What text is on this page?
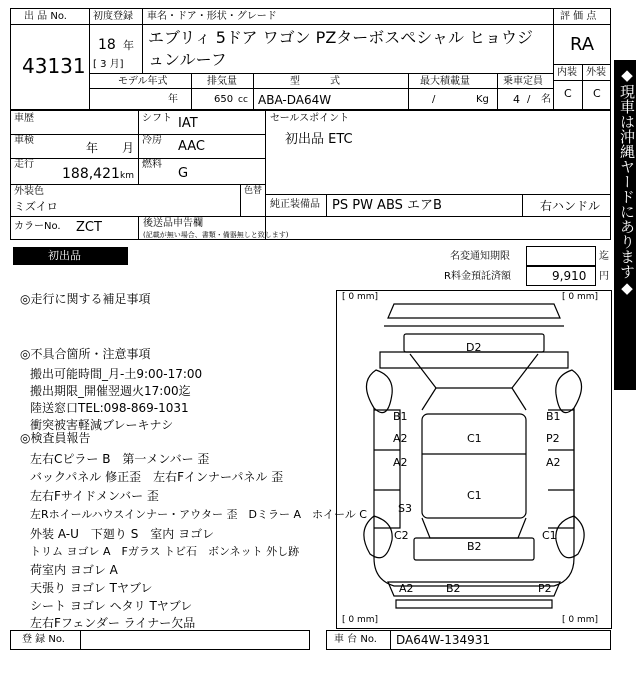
出 品 No.
43131
初度登録
18 年
[ 3 月]
車名・ドア・形状・グレード
エブリィ 5ドア ワゴン PZターボスペシャル ヒョウジ
ュンルーフ
評 価 点
RA
内装 外装
C C
モデル年式
年
排気量
650 cc
型　　　式
ABA-DA64W
最大積載量
/	Kg
乗車定員
4 / 名
車歴	シフト IAT
車検
年 月
冷房 AAC
走行
188,421 km
燃料
G
外装色
ミズイロ
色替
カラーNo. ZCT	後送品申告欄
(記載が無い場合、書類・備器無しと致します)
セールスポイント
初出品 ETC
純正装備品 PS PW ABS エアB	右ハンドル
初出品	名変通知期限	迄
R料金預託済額	9,910 円
◎走行に関する補足事項
◎不具合箇所・注意事項
搬出可能時間_月-土9:00-17:00
搬出期限_開催翌週火17:00迄
陸送窓口TEL:098-869-1031
衝突被害軽減ブレーキナシ
◎検査員報告
左右Cピラー B　第一メンバー 歪
バックパネル 修正歪　左右Fインナーパネル 歪
左右Fサイドメンバー 歪
左Rホイールハウスインナー・アウター 歪　Dミラー A　ホイール C
外装 A-U　下廻り S　室内 ヨゴレ
トリム ヨゴレ A　Fガラス トビ石　ボンネット 外し跡
荷室内 ヨゴレ A
天張り ヨゴレ Tヤブレ
シート ヨゴレ ヘタリ Tヤブレ
左右Fフェンダー ライナー欠品
[ 0 mm]	[ 0 mm]
[ 0 mm]	[ 0 mm]
D2
B1
A2
A2
C1
C1
B1
P2
A2
S3
C2
B2
C1
A2	B2	P2
◆現車は沖縄ヤードにあります◆
登 録 No.	車 台 No. DA64W-134931
